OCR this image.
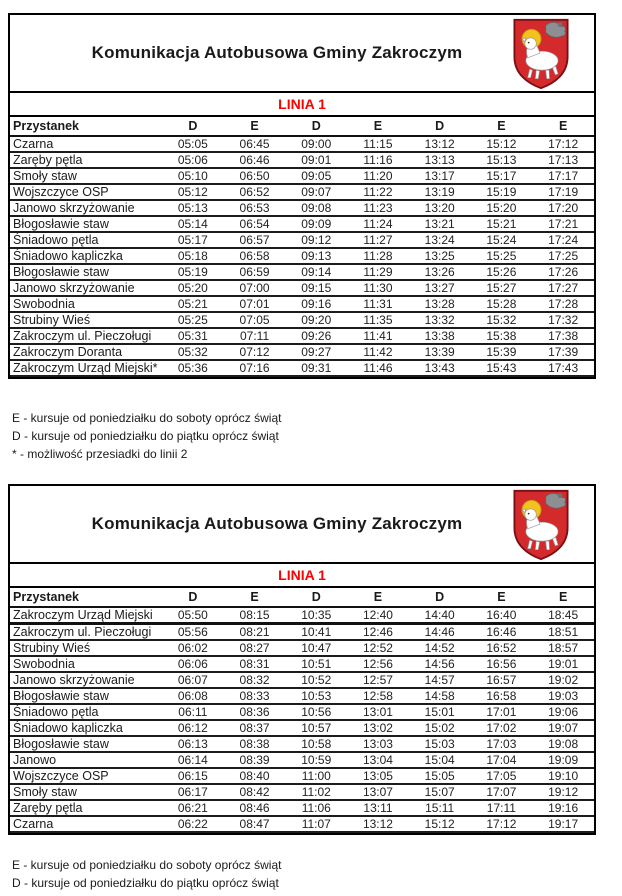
Komunikacja Autobusowa Gminy Zakroczym
LINIA 1
Przystanek	D	E	D	E	D	E	E
Czarna	05:05	06:45	09:00	11:15	13:12	15:12	17:12
Zaręby pętla	05:06	06:46	09:01	11:16	13:13	15:13	17:13
Smoły staw	05:10	06:50	09:05	11:20	13:17	15:17	17:17
Wojszczyce OSP	05:12	06:52	09:07	11:22	13:19	15:19	17:19
Janowo skrzyżowanie	05:13	06:53	09:08	11:23	13:20	15:20	17:20
Błogosławie staw	05:14	06:54	09:09	11:24	13:21	15:21	17:21
Śniadowo pętla	05:17	06:57	09:12	11:27	13:24	15:24	17:24
Śniadowo kapliczka	05:18	06:58	09:13	11:28	13:25	15:25	17:25
Błogosławie staw	05:19	06:59	09:14	11:29	13:26	15:26	17:26
Janowo skrzyżowanie	05:20	07:00	09:15	11:30	13:27	15:27	17:27
Swobodnia	05:21	07:01	09:16	11:31	13:28	15:28	17:28
Strubiny Wieś	05:25	07:05	09:20	11:35	13:32	15:32	17:32
Zakroczym ul. Pieczoługi	05:31	07:11	09:26	11:41	13:38	15:38	17:38
Zakroczym Doranta	05:32	07:12	09:27	11:42	13:39	15:39	17:39
Zakroczym Urząd Miejski*	05:36	07:16	09:31	11:46	13:43	15:43	17:43
E - kursuje od poniedziałku do soboty oprócz świąt
D - kursuje od poniedziałku do piątku oprócz świąt
* - możliwość przesiadki do linii 2
Komunikacja Autobusowa Gminy Zakroczym
LINIA 1
Przystanek	D	E	D	E	D	E	E
Zakroczym Urząd Miejski	05:50	08:15	10:35	12:40	14:40	16:40	18:45
Zakroczym ul. Pieczoługi	05:56	08:21	10:41	12:46	14:46	16:46	18:51
Strubiny Wieś	06:02	08:27	10:47	12:52	14:52	16:52	18:57
Swobodnia	06:06	08:31	10:51	12:56	14:56	16:56	19:01
Janowo skrzyżowanie	06:07	08:32	10:52	12:57	14:57	16:57	19:02
Błogosławie staw	06:08	08:33	10:53	12:58	14:58	16:58	19:03
Śniadowo pętla	06:11	08:36	10:56	13:01	15:01	17:01	19:06
Śniadowo kapliczka	06:12	08:37	10:57	13:02	15:02	17:02	19:07
Błogosławie staw	06:13	08:38	10:58	13:03	15:03	17:03	19:08
Janowo	06:14	08:39	10:59	13:04	15:04	17:04	19:09
Wojszczyce OSP	06:15	08:40	11:00	13:05	15:05	17:05	19:10
Smoły staw	06:17	08:42	11:02	13:07	15:07	17:07	19:12
Zaręby pętla	06:21	08:46	11:06	13:11	15:11	17:11	19:16
Czarna	06:22	08:47	11:07	13:12	15:12	17:12	19:17
E - kursuje od poniedziałku do soboty oprócz świąt
D - kursuje od poniedziałku do piątku oprócz świąt
